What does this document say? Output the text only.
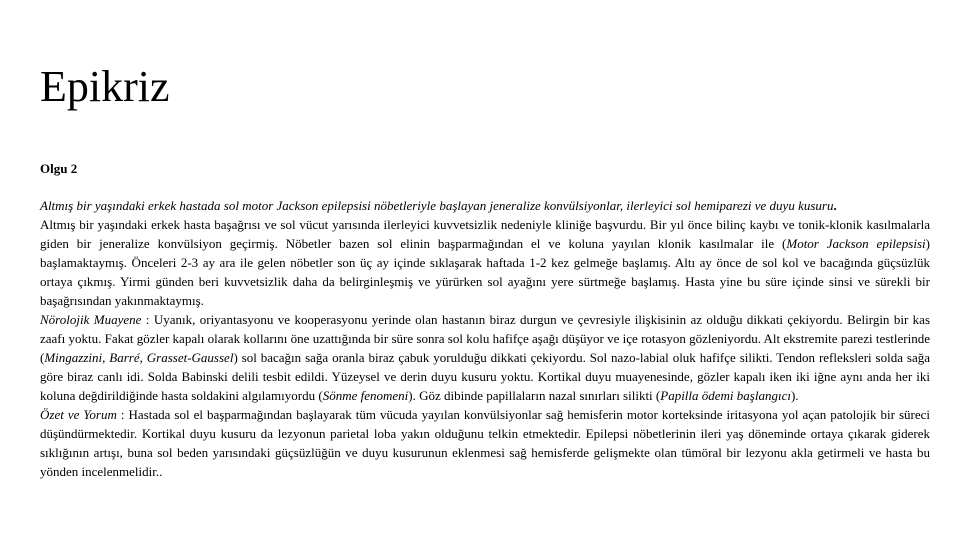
Epikriz
Olgu 2

Altmış bir yaşındaki erkek hastada sol motor Jackson epilepsisi nöbetleriyle başlayan jeneralize konvülsiyonlar, ilerleyici sol hemiparezi ve duyu kusuru.

Altmış bir yaşındaki erkek hasta başağrısı ve sol vücut yarısında ilerleyici kuvvetsizlik nedeniyle kliniğe başvurdu. Bir yıl önce bilinç kaybı ve tonik-klonik kasılmalarla giden bir jeneralize konvülsiyon geçirmiş. Nöbetler bazen sol elinin başparmağından el ve koluna yayılan klonik kasılmalar ile (Motor Jackson epilepsisi) başlamaktaymış. Önceleri 2-3 ay ara ile gelen nöbetler son üç ay içinde sıklaşarak haftada 1-2 kez gelmeğe başlamış. Altı ay önce de sol kol ve bacağında güçsüzlük ortaya çıkmış. Yirmi günden beri kuvvetsizlik daha da belirginleşmiş ve yürürken sol ayağını yere sürtmeğe başlamış. Hasta yine bu süre içinde sinsi ve sürekli bir başağrısından yakınmaktaymış.

Nörolojik Muayene : Uyanık, oriyantasyonu ve kooperasyonu yerinde olan hastanın biraz durgun ve çevresiyle ilişkisinin az olduğu dikkati çekiyordu. Belirgin bir kas zaafı yoktu. Fakat gözler kapalı olarak kollarını öne uzattığında bir süre sonra sol kolu hafifçe aşağı düşüyor ve içe rotasyon gözleniyordu. Alt ekstremite parezi testlerinde (Mingazzini, Barré, Grasset-Gaussel) sol bacağın sağa oranla biraz çabuk yorulduğu dikkati çekiyordu. Sol nazo-labial oluk hafifçe silikti. Tendon refleksleri solda sağa göre biraz canlı idi. Solda Babinski delili tesbit edildi. Yüzeysel ve derin duyu kusuru yoktu. Kortikal duyu muayenesinde, gözler kapalı iken iki iğne aynı anda her iki koluna değdirildiğinde hasta soldakini algılamıyordu (Sönme fenomeni). Göz dibinde papillaların nazal sınırları silikti (Papilla ödemi başlangıcı).

Özet ve Yorum : Hastada sol el başparmağından başlayarak tüm vücuda yayılan konvülsiyonlar sağ hemisferin motor korteksinde iritasyona yol açan patolojik bir süreci düşündürmektedir. Kortikal duyu kusuru da lezyonun parietal loba yakın olduğunu telkin etmektedir. Epilepsi nöbetlerinin ileri yaş döneminde ortaya çıkarak giderek sıklığının artışı, buna sol beden yarısındaki güçsüzlüğün ve duyu kusurunun eklenmesi sağ hemisferde gelişmekte olan tümöral bir lezyonu akla getirmeli ve hasta bu yönden incelenmelidir..
